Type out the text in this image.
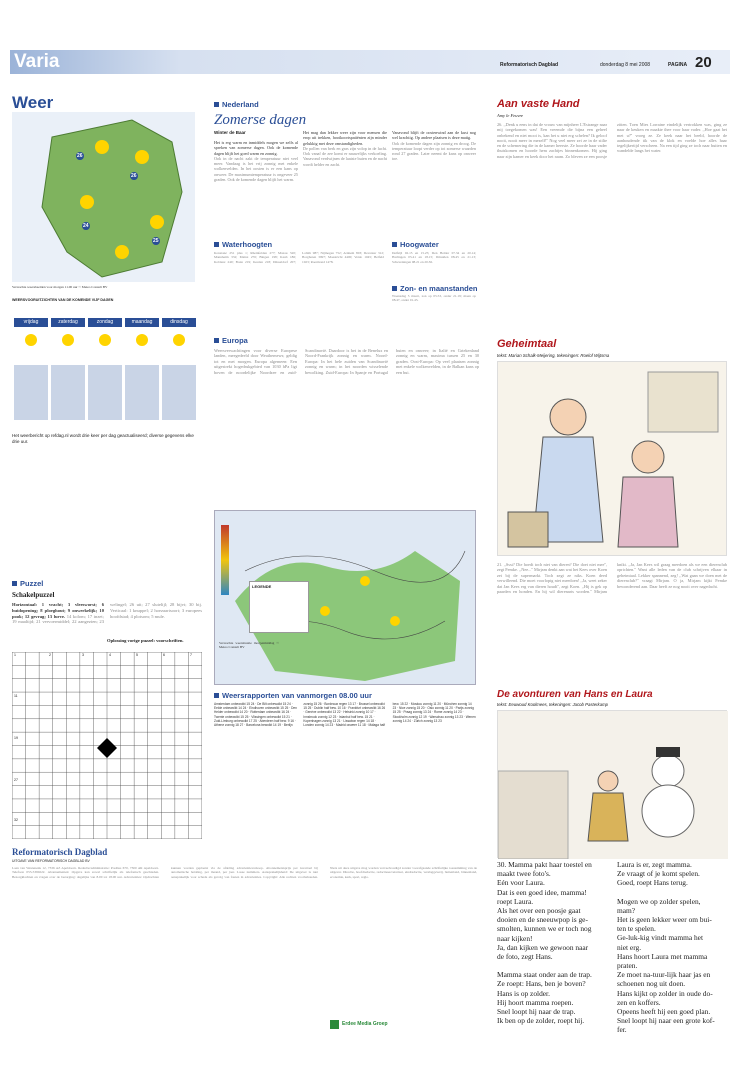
Varia	Reformatorisch Dagblad	donderdag 8 mei 2008	PAGINA 20
Weer
26
26
25
24
Verwachte weersbeelden voor morgen 11.00 uur © Meteo Consult BV
WEERSVOORUITZICHTEN VAN DE KOMENDE VIJF DAGEN
vrijdag	zaterdag	zondag	maandag	dinsdag
Het weerbericht op refdag.nl wordt drie keer per dag geactualiseerd; diverse gegevens elke drie uur.
Nederland
Zomerse dagen
Winter de Baar
Het is erg warm en inmiddels mogen we zelfs al spreken van zomerse dagen. Ook de komende dagen blijft het goed warm en zonnig.
Ook in de nacht zakt de temperatuur niet veel meer. Vandaag is het vrij zonnig met enkele wolkenvelden. In het oosten is er een kans op onweer. De maximumtemperatuur is ongeveer 25 graden. Ook de komende dagen blijft het warm.
Het mag dan lekker weer zijn voor mensen die erop uit trekken, hooikoortspatiënten zijn minder gelukkig met deze omstandigheden.
De pollen van berk en gras zijn volop in de lucht. Ook vanaf de zee komt er nauwelijks verkoeling. Vanavond verdwijnen de laatste buien en de nacht wordt helder en zacht.
Vanavond blijft de oostenwind aan de kust nog wel krachtig. Op andere plaatsen is deze matig.
Ook de komende dagen zijn zonnig en droog. De temperatuur loopt verder op tot zomerse waarden rond 27 graden. Later neemt de kans op onweer toe.
Waterhoogten
Konstanz 251 plus 1; Rheinfelden 277; Maxau 520; Mannheim 332; Mainz 276; Bingen 198; Kaub 186; Koblenz 240; Bonn 219; Keulen 218; Düsseldorf 207; Lobith 987; Nijmegen 752; Arnhem 803; Deventer 312; Borgharen 3997; Maastricht 4400; Venlo 1045; Belfeld 1023; Roermond 1478.
Hoogwater
Delfzijl 02.15 en 15.25; Den Helder 07.34 en 20.14; Harlingen 05.41 en 18.15; IJmuiden 08.45 en 21.13; Scheveningen 08.21 en 20.36.
Zon- en maanstanden
Woensdag 5 maart, zon op 05.53, onder 21.19; maan op 08.47, onder 01.45.
Europa
Weersverwachtingen voor diverse Europese landen, meegedeeld door Weathernews; geldig tot en met morgen. Europa algemeen: Een uitgestrekt hogedrukgebied van 1030 hPa ligt boven de noordelijke Noordzee en zuid-Scandinavië. Daardoor is het in de Benelux en Noord-Frankrijk zonnig en warm. Noord-Europa: In het hele zuiden van Scandinavië zonnig en warm; in het noorden wisselende bewolking. Zuid-Europa: In Spanje en Portugal buien en onweer; in Italië en Griekenland zonnig en warm, maxima tussen 25 en 30 graden. Oost-Europa: Op veel plaatsen zonnig met enkele wolkenvelden, in de Balkan kans op een bui.
LEGENDE
Verwachte weersituatie morgenmiddag © Meteo Consult BV
Weersrapporten van vanmorgen 08.00 uur
Amsterdam onbewolkt 15 24 · De Bilt onbewolkt 15 24 · Eelde onbewolkt 14 24 · Eindhoven onbewolkt 15 25 · Den Helder onbewolkt 14 20 · Rotterdam onbewolkt 16 24 · Twente onbewolkt 15 25 · Vlissingen onbewolkt 15 21 · Zuid-Limburg onbewolkt 17 25 · Aberdeen half bew. 9 16 · Athene zonnig 18 27 · Barcelona bewolkt 14 19 · Berlijn zonnig 15 26 · Bordeaux regen 13 17 · Brussel onbewolkt 15 25 · Dublin half bew. 10 16 · Frankfurt onbewolkt 16 26 · Genève onbewolkt 13 22 · Helsinki zonnig 10 17 · Innsbruck zonnig 12 23 · Istanbul half bew. 15 21 · Kopenhagen zonnig 13 21 · Lissabon regen 14 18 · Londen zonnig 14 23 · Madrid onweer 11 18 · Málaga half bew. 15 22 · Moskou zonnig 11 20 · München zonnig 14 23 · Nice zonnig 15 20 · Oslo zonnig 11 20 · Parijs zonnig 15 25 · Praag zonnig 13 24 · Rome zonnig 14 23 · Stockholm zonnig 12 19 · Warschau zonnig 13 23 · Wenen zonnig 14 24 · Zürich zonnig 13 23
Puzzel
Schakelpuzzel
Horizontaal: 1 vracht; 3 vleesworst; 6 huidopening; 8 ploeghout; 9 onwerkelijk; 10 pook; 12 gevrag; 13 lurve. 14 kolom; 17 inzet; 19 maaltijd; 21 vervoermiddel; 22 aangezien; 23 welingel; 26 uit; 27 slutelijl; 28 bijvt; 30 bij. Verticaal: 1 knuppel; 2 hoezaartsoort; 3 europees hoofdstad; 4 plotsom; 5 mule.
Oplossing vorige puzzel: voorschriften.
1	2	3	4	5	6	7
11
19
27
32
Reformatorisch Dagblad
UITGAVE VAN REFORMATORISCH DAGBLAD BV
Laan van Westenenk 12, 7336 AZ Apeldoorn. Redactie/administratie: Postbus 670, 7300 AR Apeldoorn. Telefoon 055-5390222. Abonnementen: Opgave kan zowel schriftelijk als telefonisch geschieden. Bezorgklachten en vragen over de bezorging: dagelijks van 8.00 tot 18.00 uur. Advertenties: Opdrachten kunnen worden geplaatst via de afdeling advertentieverkoop. Abonnementsprijs per kwartaal bij automatische betaling, per maand, per jaar. Losse nummers. Aansprakelijkheid: De uitgever is niet aansprakelijk voor schade als gevolg van fouten in advertenties. Copyright: Alle rechten voorbehouden. Niets uit deze uitgave mag worden verveelvoudigd zonder voorafgaande schriftelijke toestemming van de uitgever. Directie, hoofdredactie, redactiesecretariaat, eindredactie, verslaggeverij, buitenland, binnenland, economie, kerk, sport, regio.
Erdee Media Groep
Aan vaste Hand
Amy le Feuvre
26. ,,Denk u eens in dat de vrouw van mijnheer L'Estrange naar mij toegekomen was! Een vreemde die bijna een geheel onbekend en niet mooi is, kan het u niet erg schelen? Ik geloof nooit, nooit meer in mezelf!'' Nog veel meer zei ze in de stilte en de schemering die in de kamer heerste. Ze hoorde haar vader thuiskomen en hoorde hem zachtjes binnenkomen. Hij ging naar zijn kamer en keek door het raam. Zo bleven ze een poosje zitten. Toen Mies Lorraine eindelijk vertrokken was, ging ze naar de keuken en maakte thee voor haar vader. ,,Hoe gaat het met u?'' vroeg ze. Ze keek naar het beeld, hoorde de aanhoudende tik van de klok en voelde hoe alles haar tegelijkertijd verscheen. Na een tijd ging ze toch naar buiten en wandelde langs het water.
Geheimtaal
tekst: Marian Schalk-Meijering, tekeningen: Roelof Wijtsma
21. ,,Ssst? Die hoedt toch niet van dieren? Die doet niet mee'', zegt Femke. ,,Nee...'' Mirjam denkt aan wat het Kees over Koen zei bij de supermarkt. Toch zegt ze niks. Koen deed verwilleend. Die moet voorlopig niet meedoen! ,,Ja, weet zeker dat Jan Kees erg van dieren houdt'', zegt Koen. ,,Hij is gek op paarden en honden. En hij wil dierenarts worden.'' Mirjam knikt. ,,Ja, Jan Kees wil graag meedoen als we een dierenclub oprichten.'' Want alle leden van de club schrijven elkaar in geheimtaal. Lekker spannend, zeg! ,,Wat gaan we doen met de dierenclub?'' vraagt Mirjam. O ja, Mirjam kijkt Femke bewonderend aan. Daar heeft ze nog nooit over nagedacht.
De avonturen van Hans en Laura
tekst: Eeuwoud Koolmees, tekeningen: Jacob Pasterkamp
30. Mamma pakt haar toestel en
maakt twee foto's.
Eén voor Laura.
Dat is een goed idee, mamma!
roept Laura.
Als het over een poosje gaat
dooien en de sneeuwpop is ge-
smolten, kunnen we er toch nog
naar kijken!
Ja, dan kijken we gewoon naar
de foto, zegt Hans.
Mamma staat onder aan de trap.
Ze roept: Hans, ben je boven?
Hans is op zolder.
Hij hoort mamma roepen.
Snel loopt hij naar de trap.
Ik ben op de zolder, roept hij.
Laura is er, zegt mamma.
Ze vraagt of je komt spelen.
Goed, roept Hans terug.
Mogen we op zolder spelen,
mam?
Het is geen lekker weer om bui-
ten te spelen.
Ge-luk-kig vindt mamma het
niet erg.
Hans hoort Laura met mamma
praten.
Ze moet na-tuur-lijk haar jas en
schoenen nog uit doen.
Hans kijkt op zolder in oude do-
zen en koffers.
Opeens heeft hij een goed plan.
Snel loopt hij naar een grote kof-
fer.
